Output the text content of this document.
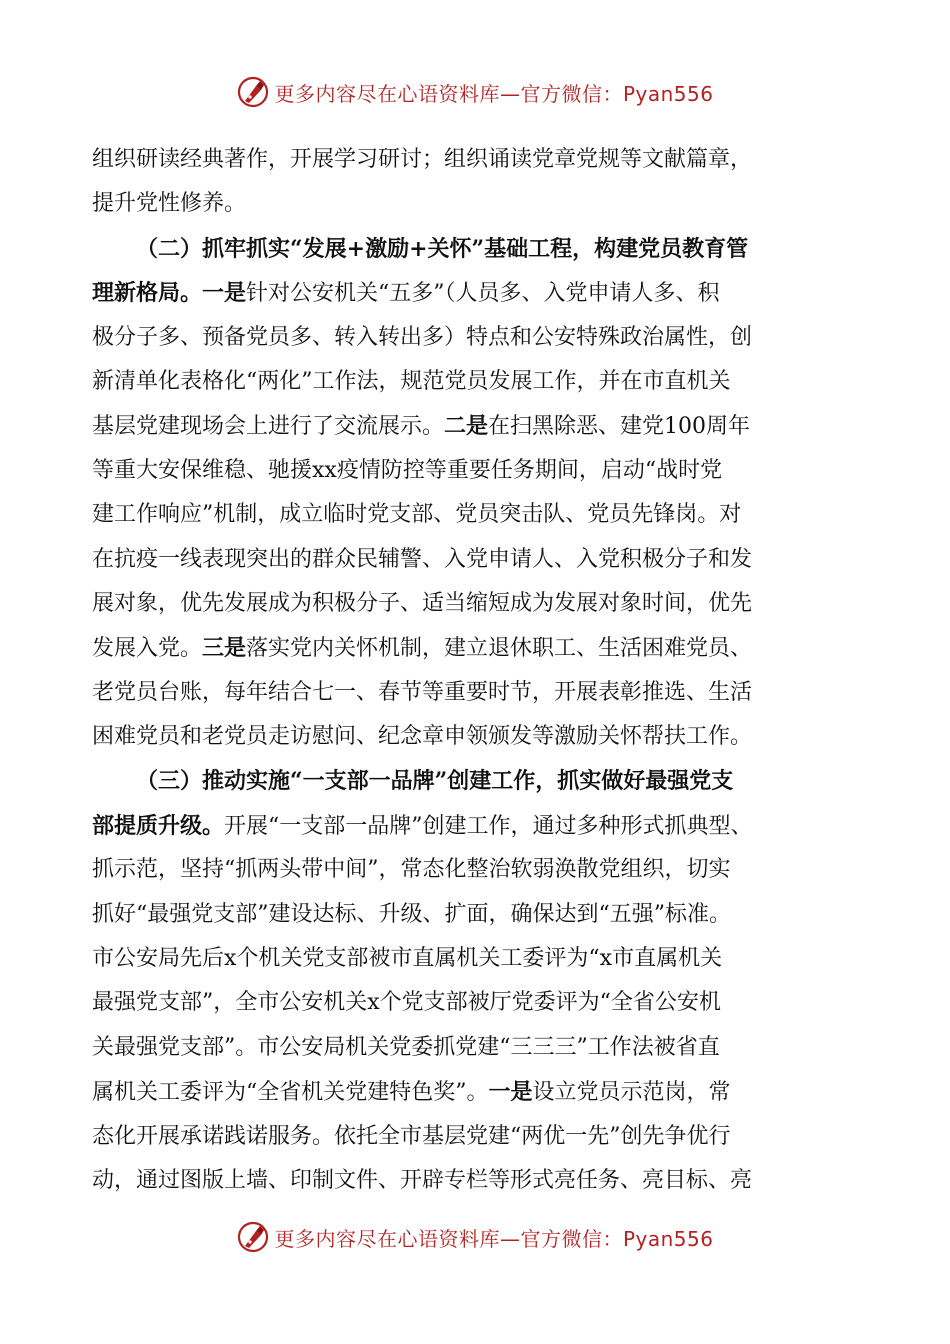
更多内容尽在心语资料库—官方微信：Pyan556
组织研读经典著作，开展学习研讨；组织诵读党章党规等文献篇章，
提升党性修养。
（二）抓牢抓实“发展+激励+关怀”基础工程，构建党员教育管
理新格局。一是针对公安机关“五多”（人员多、入党申请人多、积
极分子多、预备党员多、转入转出多）特点和公安特殊政治属性，创
新清单化表格化“两化”工作法，规范党员发展工作，并在市直机关
基层党建现场会上进行了交流展示。二是在扫黑除恶、建党100周年
等重大安保维稳、驰援xx疫情防控等重要任务期间，启动“战时党
建工作响应”机制，成立临时党支部、党员突击队、党员先锋岗。对
在抗疫一线表现突出的群众民辅警、入党申请人、入党积极分子和发
展对象，优先发展成为积极分子、适当缩短成为发展对象时间，优先
发展入党。三是落实党内关怀机制，建立退休职工、生活困难党员、
老党员台账，每年结合七一、春节等重要时节，开展表彰推选、生活
困难党员和老党员走访慰问、纪念章申领颁发等激励关怀帮扶工作。
（三）推动实施“一支部一品牌”创建工作，抓实做好最强党支
部提质升级。开展“一支部一品牌”创建工作，通过多种形式抓典型、
抓示范，坚持“抓两头带中间”，常态化整治软弱涣散党组织，切实
抓好“最强党支部”建设达标、升级、扩面，确保达到“五强”标准。
市公安局先后x个机关党支部被市直属机关工委评为“x市直属机关
最强党支部”，全市公安机关x个党支部被厅党委评为“全省公安机
关最强党支部”。市公安局机关党委抓党建“三三三”工作法被省直
属机关工委评为“全省机关党建特色奖”。一是设立党员示范岗，常
态化开展承诺践诺服务。依托全市基层党建“两优一先”创先争优行
动，通过图版上墙、印制文件、开辟专栏等形式亮任务、亮目标、亮
更多内容尽在心语资料库—官方微信：Pyan556
